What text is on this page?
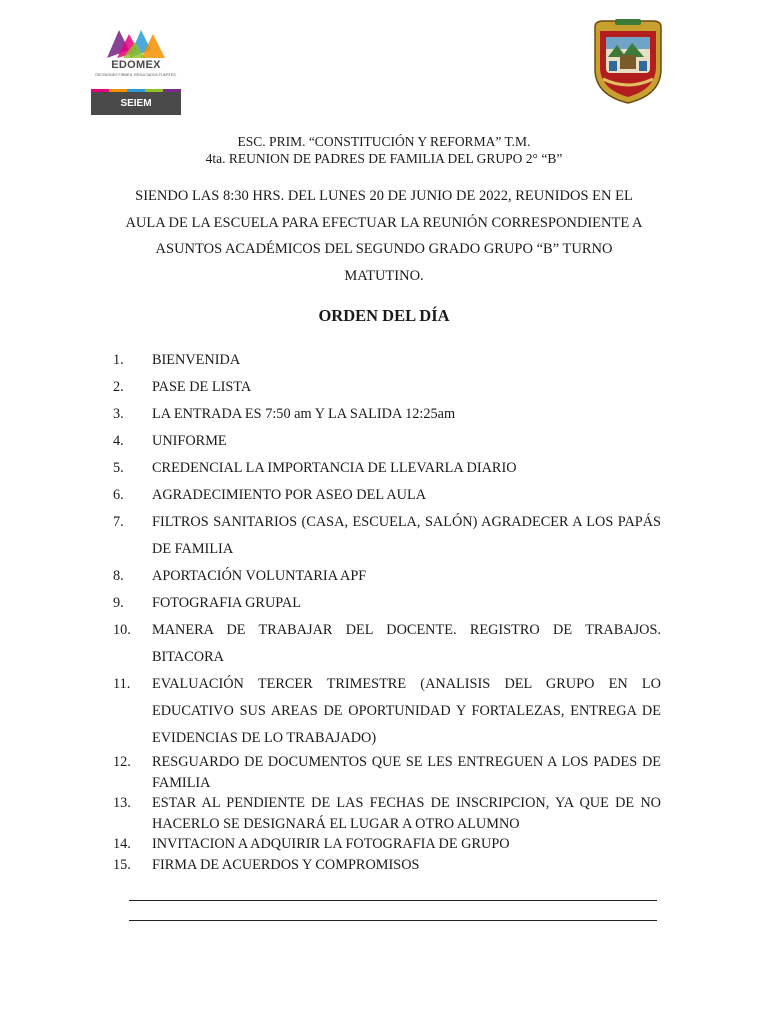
EDOMEX
DECISIONES FIRMES, RESULTADOS FUERTES.
SEIEM
ESC. PRIM. “CONSTITUCIÓN Y REFORMA” T.M.
4ta. REUNION DE PADRES DE FAMILIA DEL GRUPO 2° “B”
SIENDO LAS 8:30 HRS. DEL LUNES 20 DE JUNIO DE 2022, REUNIDOS EN EL
AULA DE LA ESCUELA PARA EFECTUAR LA REUNIÓN CORRESPONDIENTE A
ASUNTOS ACADÉMICOS DEL SEGUNDO GRADO GRUPO “B” TURNO
MATUTINO.
ORDEN DEL DÍA
1.	BIENVENIDA
2.	PASE DE LISTA
3.	LA ENTRADA ES 7:50 am Y LA SALIDA 12:25am
4.	UNIFORME
5.	CREDENCIAL LA IMPORTANCIA DE LLEVARLA DIARIO
6.	AGRADECIMIENTO POR ASEO DEL AULA
7.	FILTROS SANITARIOS (CASA, ESCUELA, SALÓN) AGRADECER A LOS PAPÁS DE FAMILIA
8.	APORTACIÓN VOLUNTARIA APF
9.	FOTOGRAFIA GRUPAL
10.	MANERA DE TRABAJAR DEL DOCENTE. REGISTRO DE TRABAJOS. BITACORA
11.	EVALUACIÓN TERCER TRIMESTRE (ANALISIS DEL GRUPO EN LO EDUCATIVO SUS AREAS DE OPORTUNIDAD Y FORTALEZAS, ENTREGA DE EVIDENCIAS DE LO TRABAJADO)
12.	RESGUARDO DE DOCUMENTOS QUE SE LES ENTREGUEN A LOS PADES DE FAMILIA
13.	ESTAR AL PENDIENTE DE LAS FECHAS DE INSCRIPCION, YA QUE DE NO HACERLO SE DESIGNARÁ EL LUGAR A OTRO ALUMNO
14.	INVITACION A ADQUIRIR LA FOTOGRAFIA DE GRUPO
15.	FIRMA DE ACUERDOS Y COMPROMISOS
